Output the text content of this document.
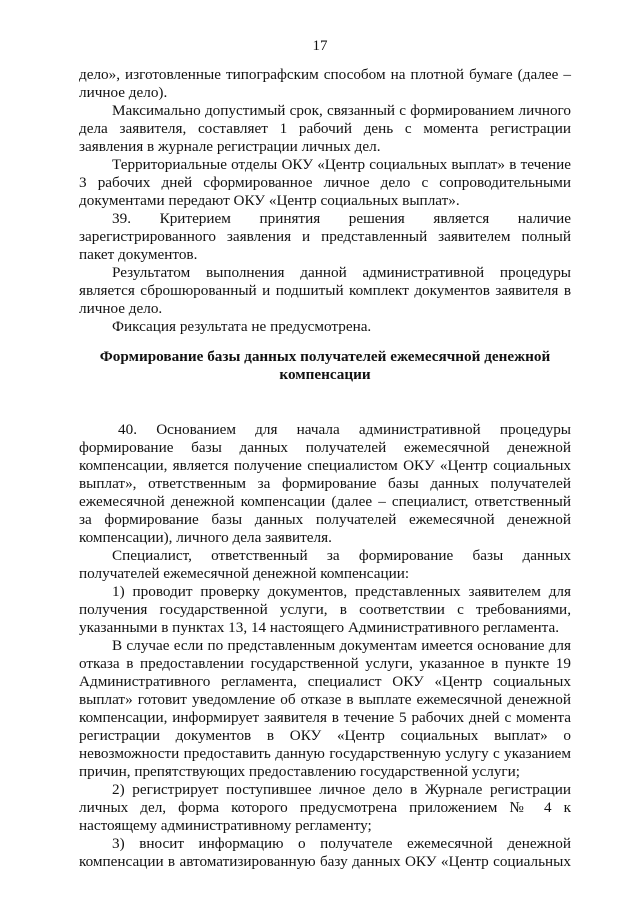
17
дело», изготовленные типографским способом на плотной бумаге (далее –
личное дело).
Максимально допустимый срок, связанный с формированием личного
дела заявителя, составляет 1 рабочий день с момента регистрации
заявления в журнале регистрации личных дел.
Территориальные отделы ОКУ «Центр социальных выплат» в течение
3 рабочих дней сформированное личное дело с сопроводительными
документами передают ОКУ «Центр социальных выплат».
39. Критерием принятия решения является наличие
зарегистрированного заявления и представленный заявителем полный
пакет документов.
Результатом выполнения данной административной процедуры
является сброшюрованный и подшитый комплект документов заявителя в
личное дело.
Фиксация результата не предусмотрена.
Формирование базы данных получателей ежемесячной денежной
компенсации
40. Основанием для начала административной процедуры
формирование базы данных получателей ежемесячной денежной
компенсации, является получение специалистом ОКУ «Центр социальных
выплат», ответственным за формирование базы данных получателей
ежемесячной денежной компенсации (далее – специалист, ответственный
за формирование базы данных получателей ежемесячной денежной
компенсации), личного дела заявителя.
Специалист, ответственный за формирование базы данных
получателей ежемесячной денежной компенсации:
1) проводит проверку документов, представленных заявителем для
получения государственной услуги, в соответствии с требованиями,
указанными в пунктах 13, 14 настоящего Административного регламента.
В случае если по представленным документам имеется основание для
отказа в предоставлении государственной услуги, указанное в пункте 19
Административного регламента, специалист ОКУ «Центр социальных
выплат» готовит уведомление об отказе в выплате ежемесячной денежной
компенсации, информирует заявителя в течение 5 рабочих дней с момента
регистрации документов в ОКУ «Центр социальных выплат» о
невозможности предоставить данную государственную услугу с указанием
причин, препятствующих предоставлению государственной услуги;
2) регистрирует поступившее личное дело в Журнале регистрации
личных дел, форма которого предусмотрена приложением № 4 к
настоящему административному регламенту;
3) вносит информацию о получателе ежемесячной денежной
компенсации в автоматизированную базу данных ОКУ «Центр социальных
